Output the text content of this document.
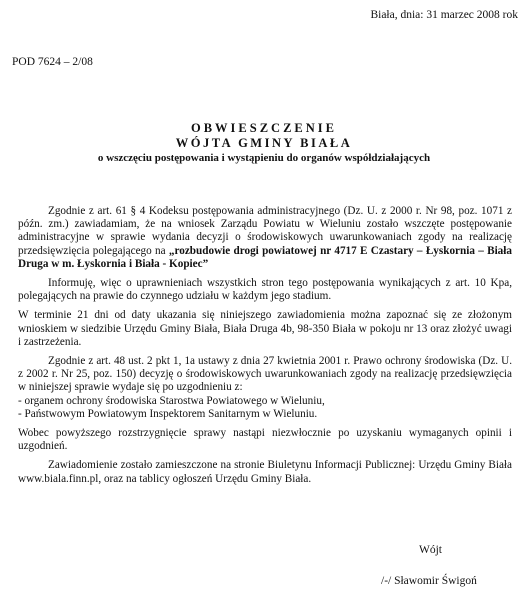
Biała, dnia: 31 marzec 2008 rok
POD 7624 – 2/08
OBWIESZCZENIE
WÓJTA GMINY BIAŁA
o wszczęciu postępowania i wystąpieniu do organów współdziałających

Zgodnie z art. 61 § 4 Kodeksu postępowania administracyjnego (Dz. U. z 2000 r. Nr 98, poz. 1071 z późn. zm.) zawiadamiam, że na wniosek Zarządu Powiatu w Wieluniu zostało wszczęte postępowanie administracyjne w sprawie wydania decyzji o środowiskowych uwarunkowaniach zgody na realizację przedsięwzięcia polegającego na „rozbudowie drogi powiatowej nr 4717 E Czastary – Łyskornia – Biała Druga w m. Łyskornia i Biała - Kopiec”

Informuję, więc o uprawnieniach wszystkich stron tego postępowania wynikających z art. 10 Kpa, polegających na prawie do czynnego udziału w każdym jego stadium.

W terminie 21 dni od daty ukazania się niniejszego zawiadomienia można zapoznać się ze złożonym wnioskiem w siedzibie Urzędu Gminy Biała, Biała Druga 4b, 98-350 Biała w pokoju nr 13 oraz złożyć uwagi i zastrzeżenia.

Zgodnie z art. 48 ust. 2 pkt 1, 1a ustawy z dnia 27 kwietnia 2001 r. Prawo ochrony środowiska (Dz. U. z 2002 r. Nr 25, poz. 150) decyzję o środowiskowych uwarunkowaniach zgody na realizację przedsięwzięcia w niniejszej sprawie wydaje się po uzgodnieniu z:

- organem ochrony środowiska Starostwa Powiatowego w Wieluniu,
- Państwowym Powiatowym Inspektorem Sanitarnym w Wieluniu.

Wobec powyższego rozstrzygnięcie sprawy nastąpi niezwłocznie po uzyskaniu wymaganych opinii i uzgodnień.

Zawiadomienie zostało zamieszczone na stronie Biuletynu Informacji Publicznej: Urzędu Gminy Biała www.biala.finn.pl, oraz na tablicy ogłoszeń Urzędu Gminy Biała.

Wójt
/-/ Sławomir Świgoń
